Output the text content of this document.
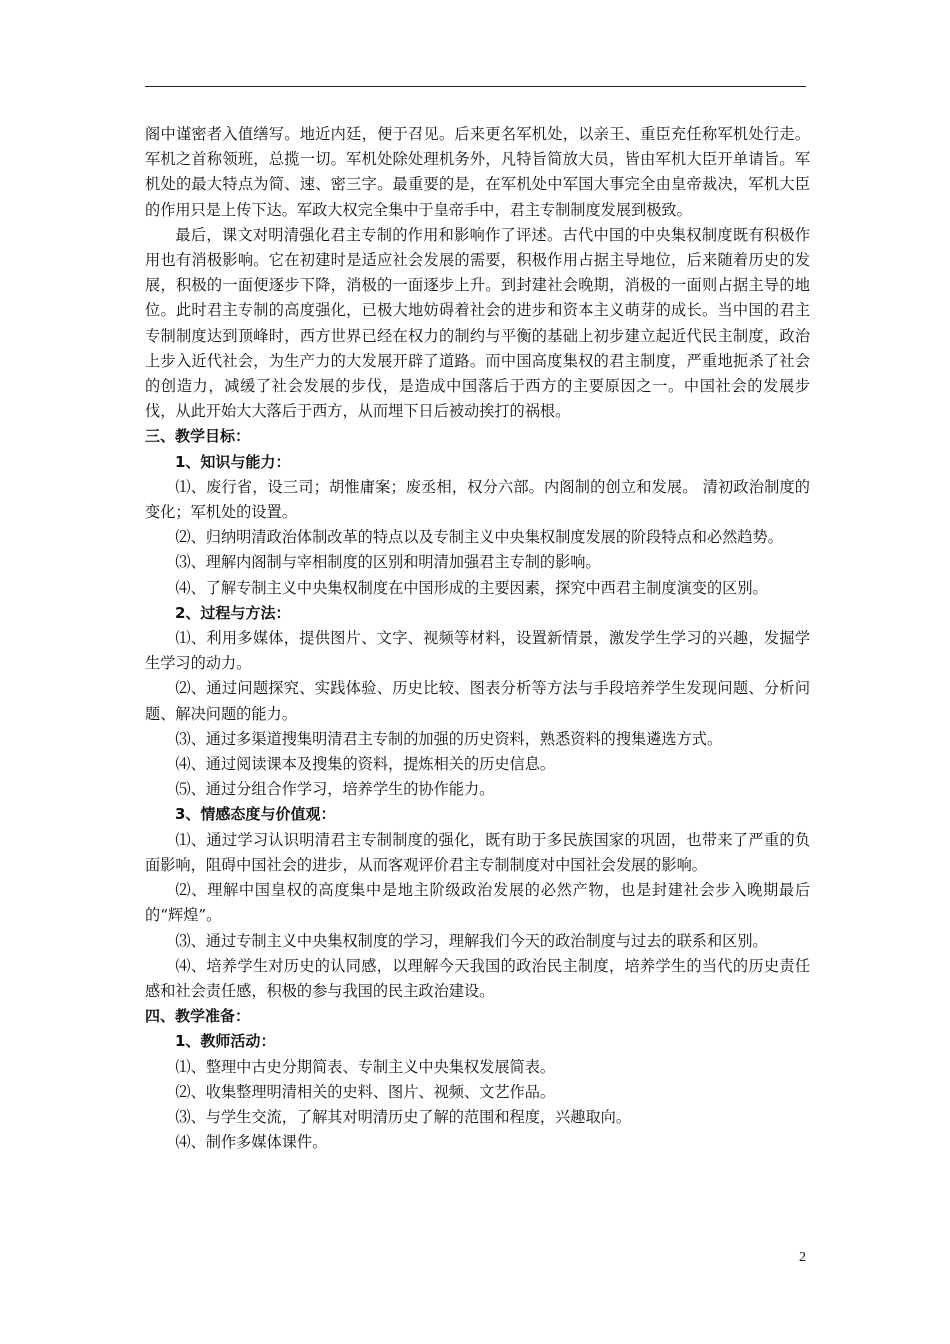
阁中谨密者入值缮写。地近内廷，便于召见。后来更名军机处，以亲王、重臣充任称军机处行走。军机之首称领班，总揽一切。军机处除处理机务外，凡特旨简放大员，皆由军机大臣开单请旨。军机处的最大特点为简、速、密三字。最重要的是，在军机处中军国大事完全由皇帝裁决，军机大臣的作用只是上传下达。军政大权完全集中于皇帝手中，君主专制制度发展到极致。

最后，课文对明清强化君主专制的作用和影响作了评述。古代中国的中央集权制度既有积极作用也有消极影响。它在初建时是适应社会发展的需要，积极作用占据主导地位，后来随着历史的发展，积极的一面便逐步下降，消极的一面逐步上升。到封建社会晚期，消极的一面则占据主导的地位。此时君主专制的高度强化，已极大地妨碍着社会的进步和资本主义萌芽的成长。当中国的君主专制制度达到顶峰时，西方世界已经在权力的制约与平衡的基础上初步建立起近代民主制度，政治上步入近代社会，为生产力的大发展开辟了道路。而中国高度集权的君主制度，严重地扼杀了社会的创造力，减缓了社会发展的步伐，是造成中国落后于西方的主要原因之一。中国社会的发展步伐，从此开始大大落后于西方，从而埋下日后被动挨打的祸根。

三、教学目标：

1、知识与能力：

⑴、废行省，设三司；胡惟庸案；废丞相，权分六部。内阁制的创立和发展。 清初政治制度的变化；军机处的设置。

⑵、归纳明清政治体制改革的特点以及专制主义中央集权制度发展的阶段特点和必然趋势。

⑶、理解内阁制与宰相制度的区别和明清加强君主专制的影响。

⑷、了解专制主义中央集权制度在中国形成的主要因素，探究中西君主制度演变的区别。

2、过程与方法：

⑴、利用多媒体，提供图片、文字、视频等材料，设置新情景，激发学生学习的兴趣，发掘学生学习的动力。

⑵、通过问题探究、实践体验、历史比较、图表分析等方法与手段培养学生发现问题、分析问题、解决问题的能力。

⑶、通过多渠道搜集明清君主专制的加强的历史资料，熟悉资料的搜集遴选方式。

⑷、通过阅读课本及搜集的资料，提炼相关的历史信息。

⑸、通过分组合作学习，培养学生的协作能力。

3、情感态度与价值观：

⑴、通过学习认识明清君主专制制度的强化，既有助于多民族国家的巩固，也带来了严重的负面影响，阻碍中国社会的进步，从而客观评价君主专制制度对中国社会发展的影响。

⑵、理解中国皇权的高度集中是地主阶级政治发展的必然产物，也是封建社会步入晚期最后的“辉煌”。

⑶、通过专制主义中央集权制度的学习，理解我们今天的政治制度与过去的联系和区别。

⑷、培养学生对历史的认同感，以理解今天我国的政治民主制度，培养学生的当代的历史责任感和社会责任感，积极的参与我国的民主政治建设。

四、教学准备：

1、教师活动：

⑴、整理中古史分期简表、专制主义中央集权发展简表。

⑵、收集整理明清相关的史料、图片、视频、文艺作品。

⑶、与学生交流，了解其对明清历史了解的范围和程度，兴趣取向。

⑷、制作多媒体课件。

2
